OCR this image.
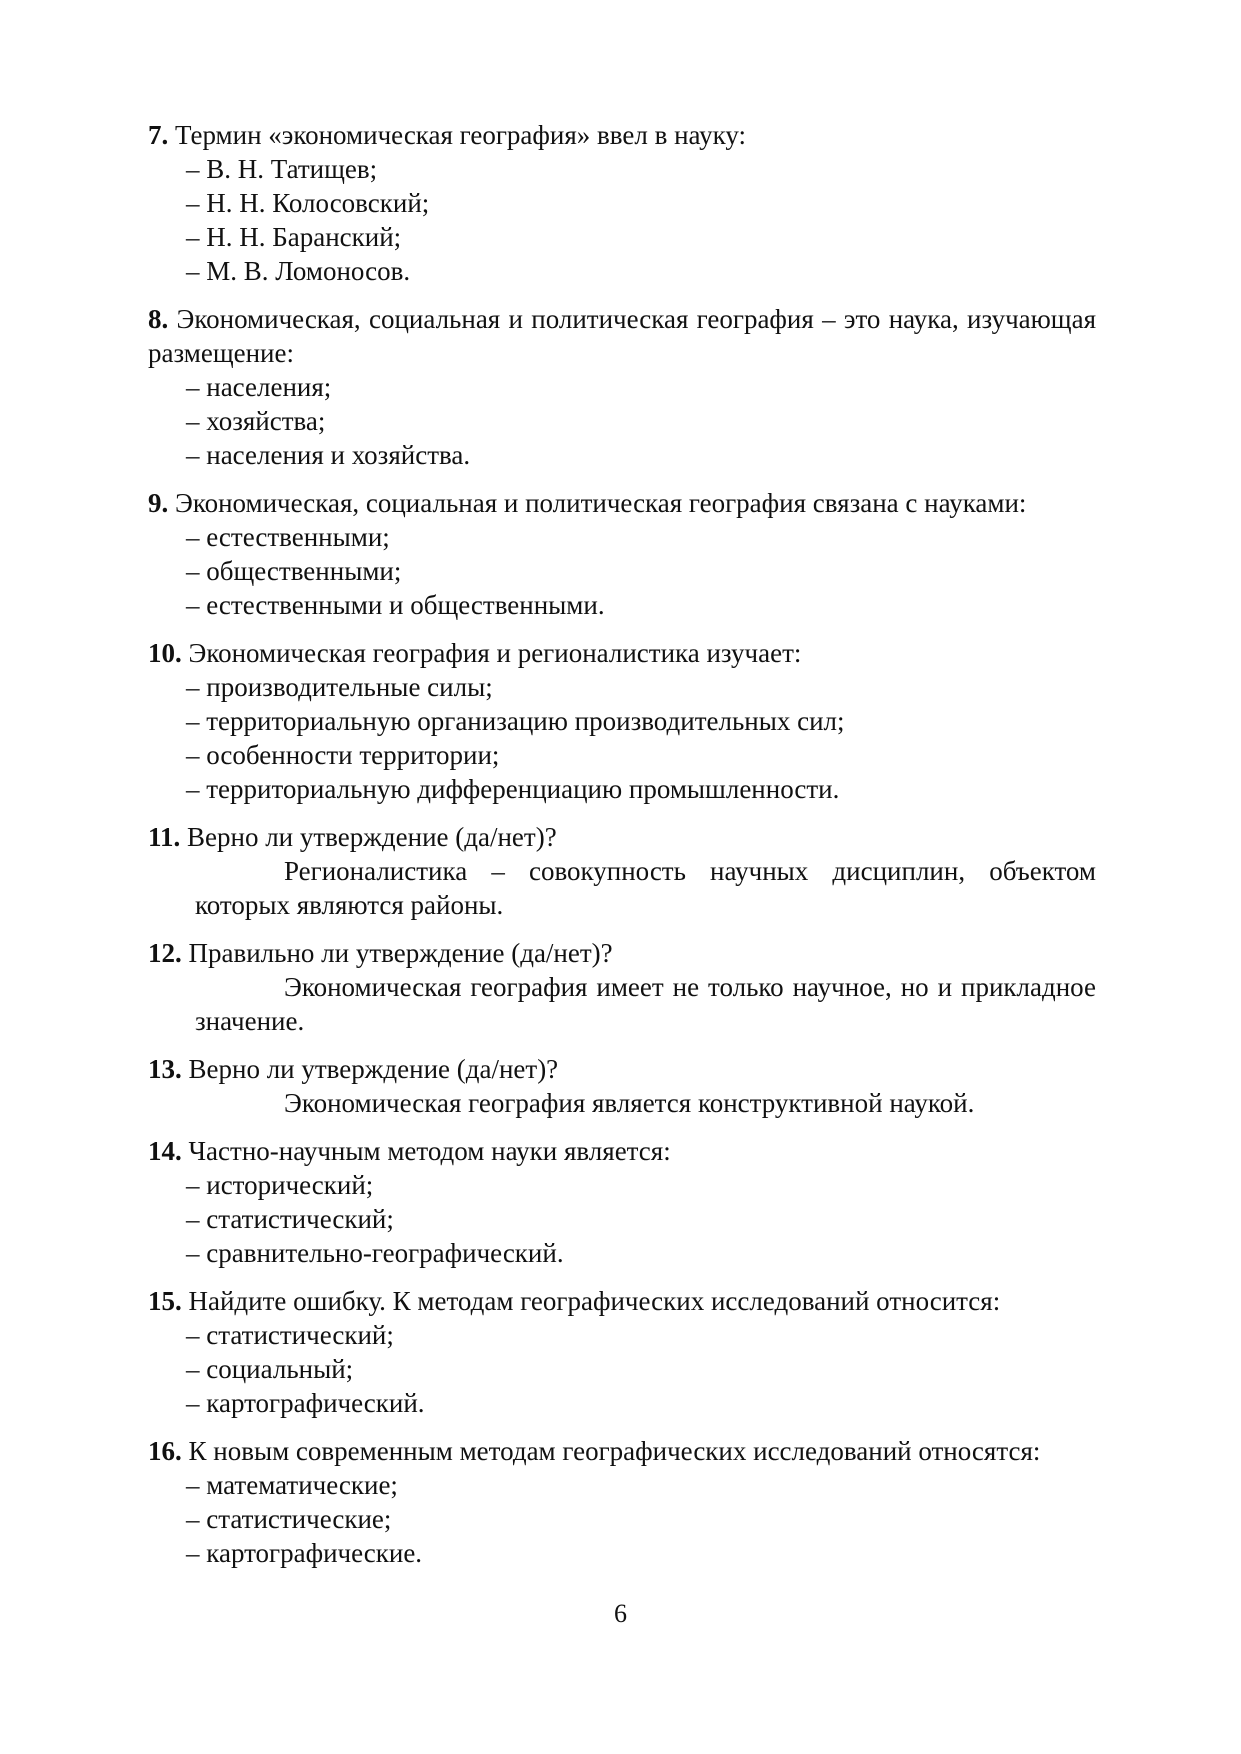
7. Термин «экономическая география» ввел в науку:
– В. Н. Татищев;
– Н. Н. Колосовский;
– Н. Н. Баранский;
– М. В. Ломоносов.
8. Экономическая, социальная и политическая география – это наука, изучающая размещение:
– населения;
– хозяйства;
– населения и хозяйства.
9. Экономическая, социальная и политическая география связана с науками:
– естественными;
– общественными;
– естественными и общественными.
10. Экономическая география и регионалистика изучает:
– производительные силы;
– территориальную организацию производительных сил;
– особенности территории;
– территориальную дифференциацию промышленности.
11. Верно ли утверждение (да/нет)?
Регионалистика – совокупность научных дисциплин, объектом которых являются районы.
12. Правильно ли утверждение (да/нет)?
Экономическая география имеет не только научное, но и прикладное значение.
13. Верно ли утверждение (да/нет)?
Экономическая география является конструктивной наукой.
14. Частно-научным методом науки является:
– исторический;
– статистический;
– сравнительно-географический.
15. Найдите ошибку. К методам географических исследований относится:
– статистический;
– социальный;
– картографический.
16. К новым современным методам географических исследований относятся:
– математические;
– статистические;
– картографические.
6
